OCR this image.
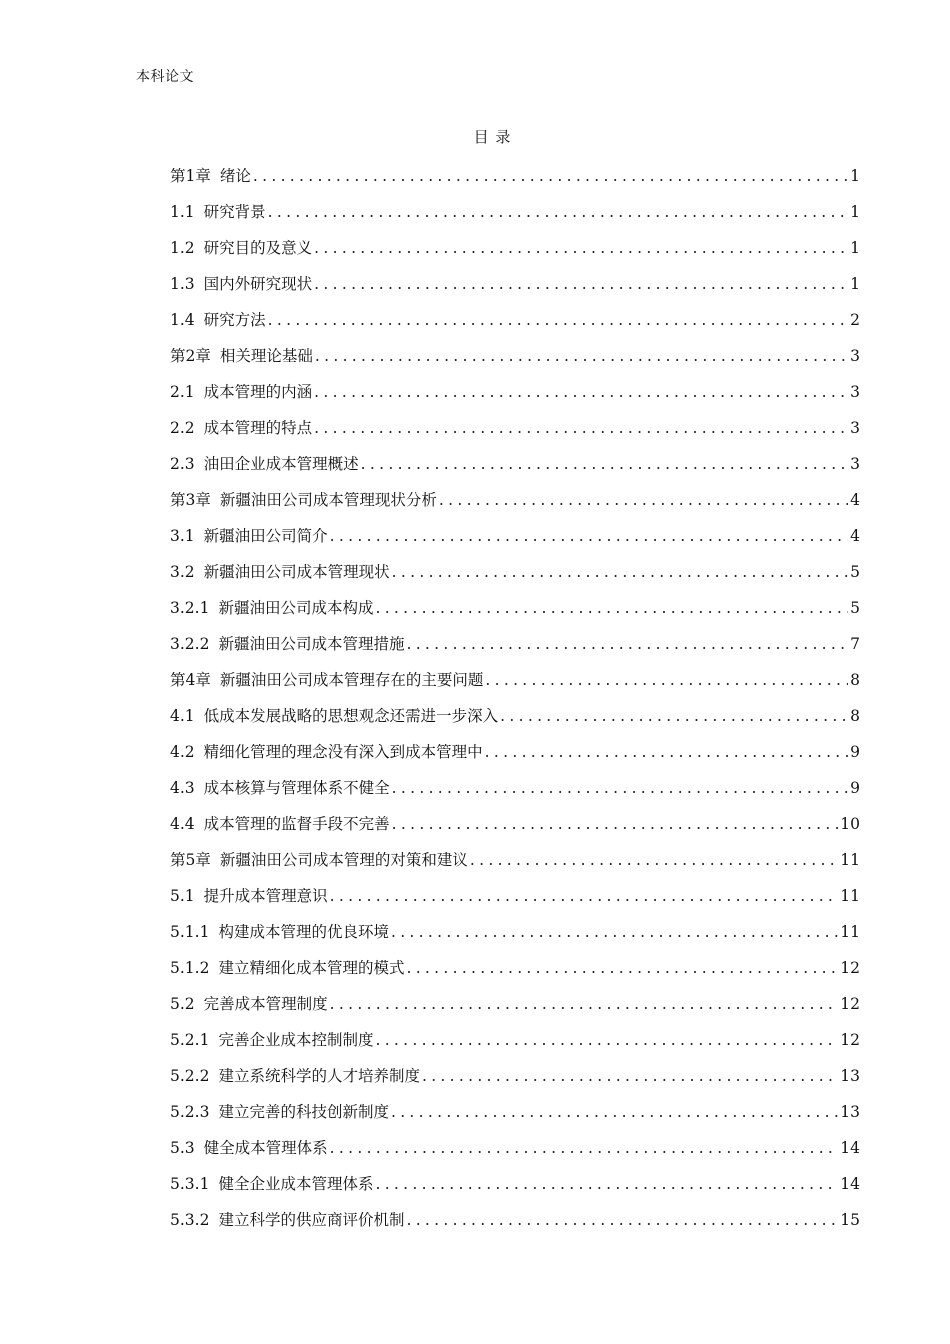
本科论文
目 录
第1章 绪论 .....	1
1.1 研究背景 .....	1
1.2 研究目的及意义 .....	1
1.3 国内外研究现状 .....	1
1.4 研究方法 .....	2
第2章 相关理论基础 .....	3
2.1 成本管理的内涵 .....	3
2.2 成本管理的特点 .....	3
2.3 油田企业成本管理概述 .....	3
第3章 新疆油田公司成本管理现状分析 .....	4
3.1 新疆油田公司简介 .....	4
3.2 新疆油田公司成本管理现状 .....	5
3.2.1 新疆油田公司成本构成 .....	5
3.2.2 新疆油田公司成本管理措施 .....	7
第4章 新疆油田公司成本管理存在的主要问题 .....	8
4.1 低成本发展战略的思想观念还需进一步深入 .....	8
4.2 精细化管理的理念没有深入到成本管理中 .....	9
4.3 成本核算与管理体系不健全 .....	9
4.4 成本管理的监督手段不完善 .....	10
第5章 新疆油田公司成本管理的对策和建议 .....	11
5.1 提升成本管理意识 .....	11
5.1.1 构建成本管理的优良环境 .....	11
5.1.2 建立精细化成本管理的模式 .....	12
5.2 完善成本管理制度 .....	12
5.2.1 完善企业成本控制制度 .....	12
5.2.2 建立系统科学的人才培养制度 .....	13
5.2.3 建立完善的科技创新制度 .....	13
5.3 健全成本管理体系 .....	14
5.3.1 健全企业成本管理体系 .....	14
5.3.2 建立科学的供应商评价机制 .....	15
